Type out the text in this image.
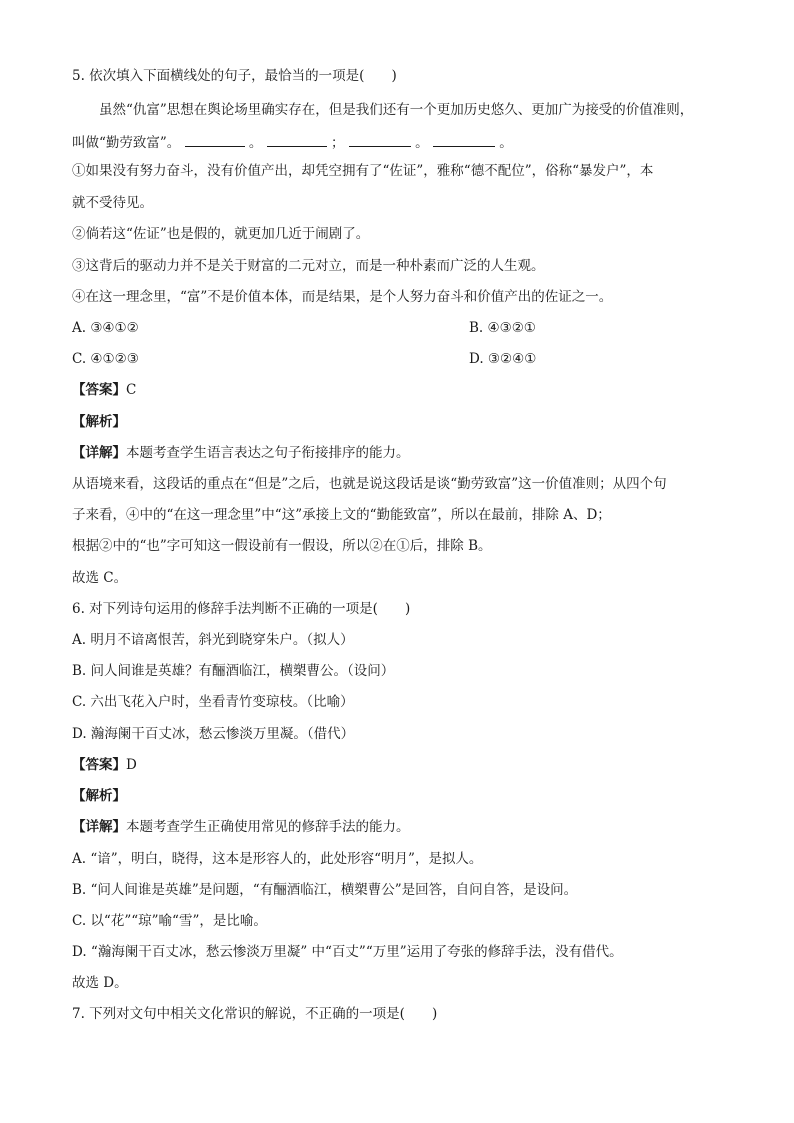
5. 依次填入下面横线处的句子，最恰当的一项是(　　)
虽然“仇富”思想在舆论场里确实存在，但是我们还有一个更加历史悠久、更加广为接受的价值准则，
叫做“勤劳致富”。	。	；	。	。
①如果没有努力奋斗，没有价值产出，却凭空拥有了“佐证”，雅称“德不配位”，俗称“暴发户”，本
就不受待见。
②倘若这“佐证”也是假的，就更加几近于闹剧了。
③这背后的驱动力并不是关于财富的二元对立，而是一种朴素而广泛的人生观。
④在这一理念里，“富”不是价值本体，而是结果，是个人努力奋斗和价值产出的佐证之一。
A. ③④①②	B. ④③②①
C. ④①②③	D. ③②④①
【答案】C
【解析】
【详解】本题考查学生语言表达之句子衔接排序的能力。
从语境来看，这段话的重点在“但是”之后，也就是说这段话是谈“勤劳致富”这一价值准则；从四个句
子来看，④中的“在这一理念里”中“这”承接上文的“勤能致富”，所以在最前，排除 A、D；
根据②中的“也”字可知这一假设前有一假设，所以②在①后，排除 B。
故选 C。
6. 对下列诗句运用的修辞手法判断不正确的一项是(　　)
A. 明月不谙离恨苦，斜光到晓穿朱户。（拟人）
B. 问人间谁是英雄？有酾酒临江，横槊曹公。（设问）
C. 六出飞花入户时，坐看青竹变琼枝。（比喻）
D. 瀚海阑干百丈冰，愁云惨淡万里凝。（借代）
【答案】D
【解析】
【详解】本题考查学生正确使用常见的修辞手法的能力。
A. “谙”，明白，晓得，这本是形容人的，此处形容“明月”，是拟人。
B. “问人间谁是英雄”是问题，“有酾酒临江，横槊曹公”是回答，自问自答，是设问。
C. 以“花”“琼”喻“雪”，是比喻。
D. “瀚海阑干百丈冰，愁云惨淡万里凝” 中“百丈”“万里”运用了夸张的修辞手法，没有借代。
故选 D。
7. 下列对文句中相关文化常识的解说，不正确的一项是(　　)
